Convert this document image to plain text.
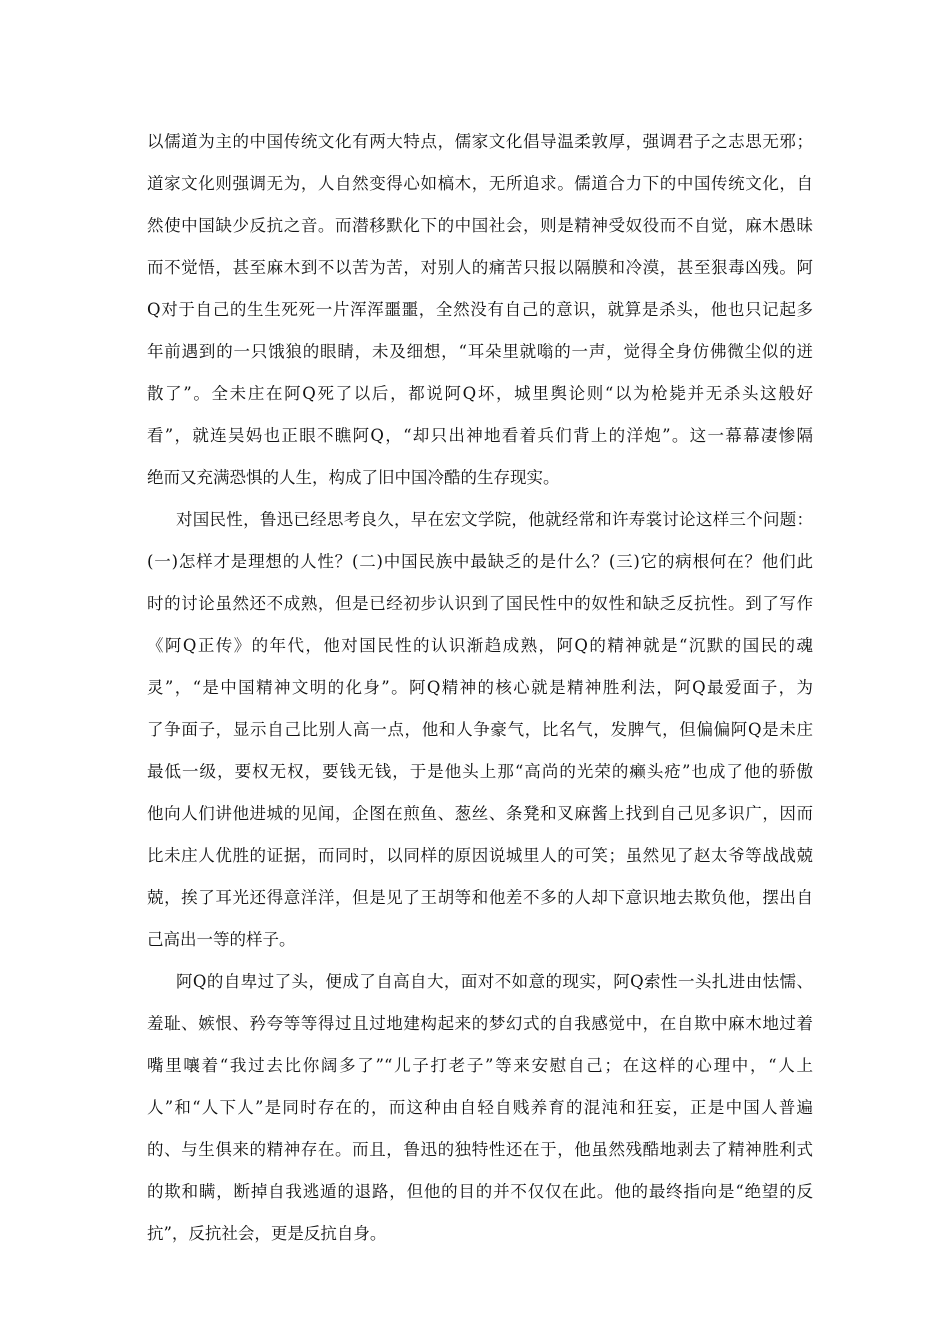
以儒道为主的中国传统文化有两大特点，儒家文化倡导温柔敦厚，强调君子之志思无邪；
道家文化则强调无为，人自然变得心如槁木，无所追求。儒道合力下的中国传统文化，自
然使中国缺少反抗之音。而潜移默化下的中国社会，则是精神受奴役而不自觉，麻木愚昧
而不觉悟，甚至麻木到不以苦为苦，对别人的痛苦只报以隔膜和冷漠，甚至狠毒凶残。阿
Q对于自己的生生死死一片浑浑噩噩，全然没有自己的意识，就算是杀头，他也只记起多
年前遇到的一只饿狼的眼睛，未及细想，“耳朵里就嗡的一声，觉得全身仿佛微尘似的迸
散了”。全未庄在阿Q死了以后，都说阿Q坏，城里舆论则“以为枪毙并无杀头这般好
看”，就连吴妈也正眼不瞧阿Q，“却只出神地看着兵们背上的洋炮”。这一幕幕凄惨隔
绝而又充满恐惧的人生，构成了旧中国冷酷的生存现实。
对国民性，鲁迅已经思考良久，早在宏文学院，他就经常和许寿裳讨论这样三个问题：
(一)怎样才是理想的人性？(二)中国民族中最缺乏的是什么？(三)它的病根何在？他们此
时的讨论虽然还不成熟，但是已经初步认识到了国民性中的奴性和缺乏反抗性。到了写作
《阿Q正传》的年代，他对国民性的认识渐趋成熟，阿Q的精神就是“沉默的国民的魂
灵”，“是中国精神文明的化身”。阿Q精神的核心就是精神胜利法，阿Q最爱面子，为
了争面子，显示自己比别人高一点，他和人争豪气，比名气，发脾气，但偏偏阿Q是未庄
最低一级，要权无权，要钱无钱，于是他头上那“高尚的光荣的癞头疮”也成了他的骄傲
他向人们讲他进城的见闻，企图在煎鱼、葱丝、条凳和叉麻酱上找到自己见多识广，因而
比未庄人优胜的证据，而同时，以同样的原因说城里人的可笑；虽然见了赵太爷等战战兢
兢，挨了耳光还得意洋洋，但是见了王胡等和他差不多的人却下意识地去欺负他，摆出自
己高出一等的样子。
阿Q的自卑过了头，便成了自高自大，面对不如意的现实，阿Q索性一头扎进由怯懦、
羞耻、嫉恨、矜夸等等得过且过地建构起来的梦幻式的自我感觉中，在自欺中麻木地过着
嘴里嚷着“我过去比你阔多了”“儿子打老子”等来安慰自己；在这样的心理中，“人上
人”和“人下人”是同时存在的，而这种由自轻自贱养育的混沌和狂妄，正是中国人普遍
的、与生俱来的精神存在。而且，鲁迅的独特性还在于，他虽然残酷地剥去了精神胜利式
的欺和瞒，断掉自我逃遁的退路，但他的目的并不仅仅在此。他的最终指向是“绝望的反
抗”，反抗社会，更是反抗自身。
